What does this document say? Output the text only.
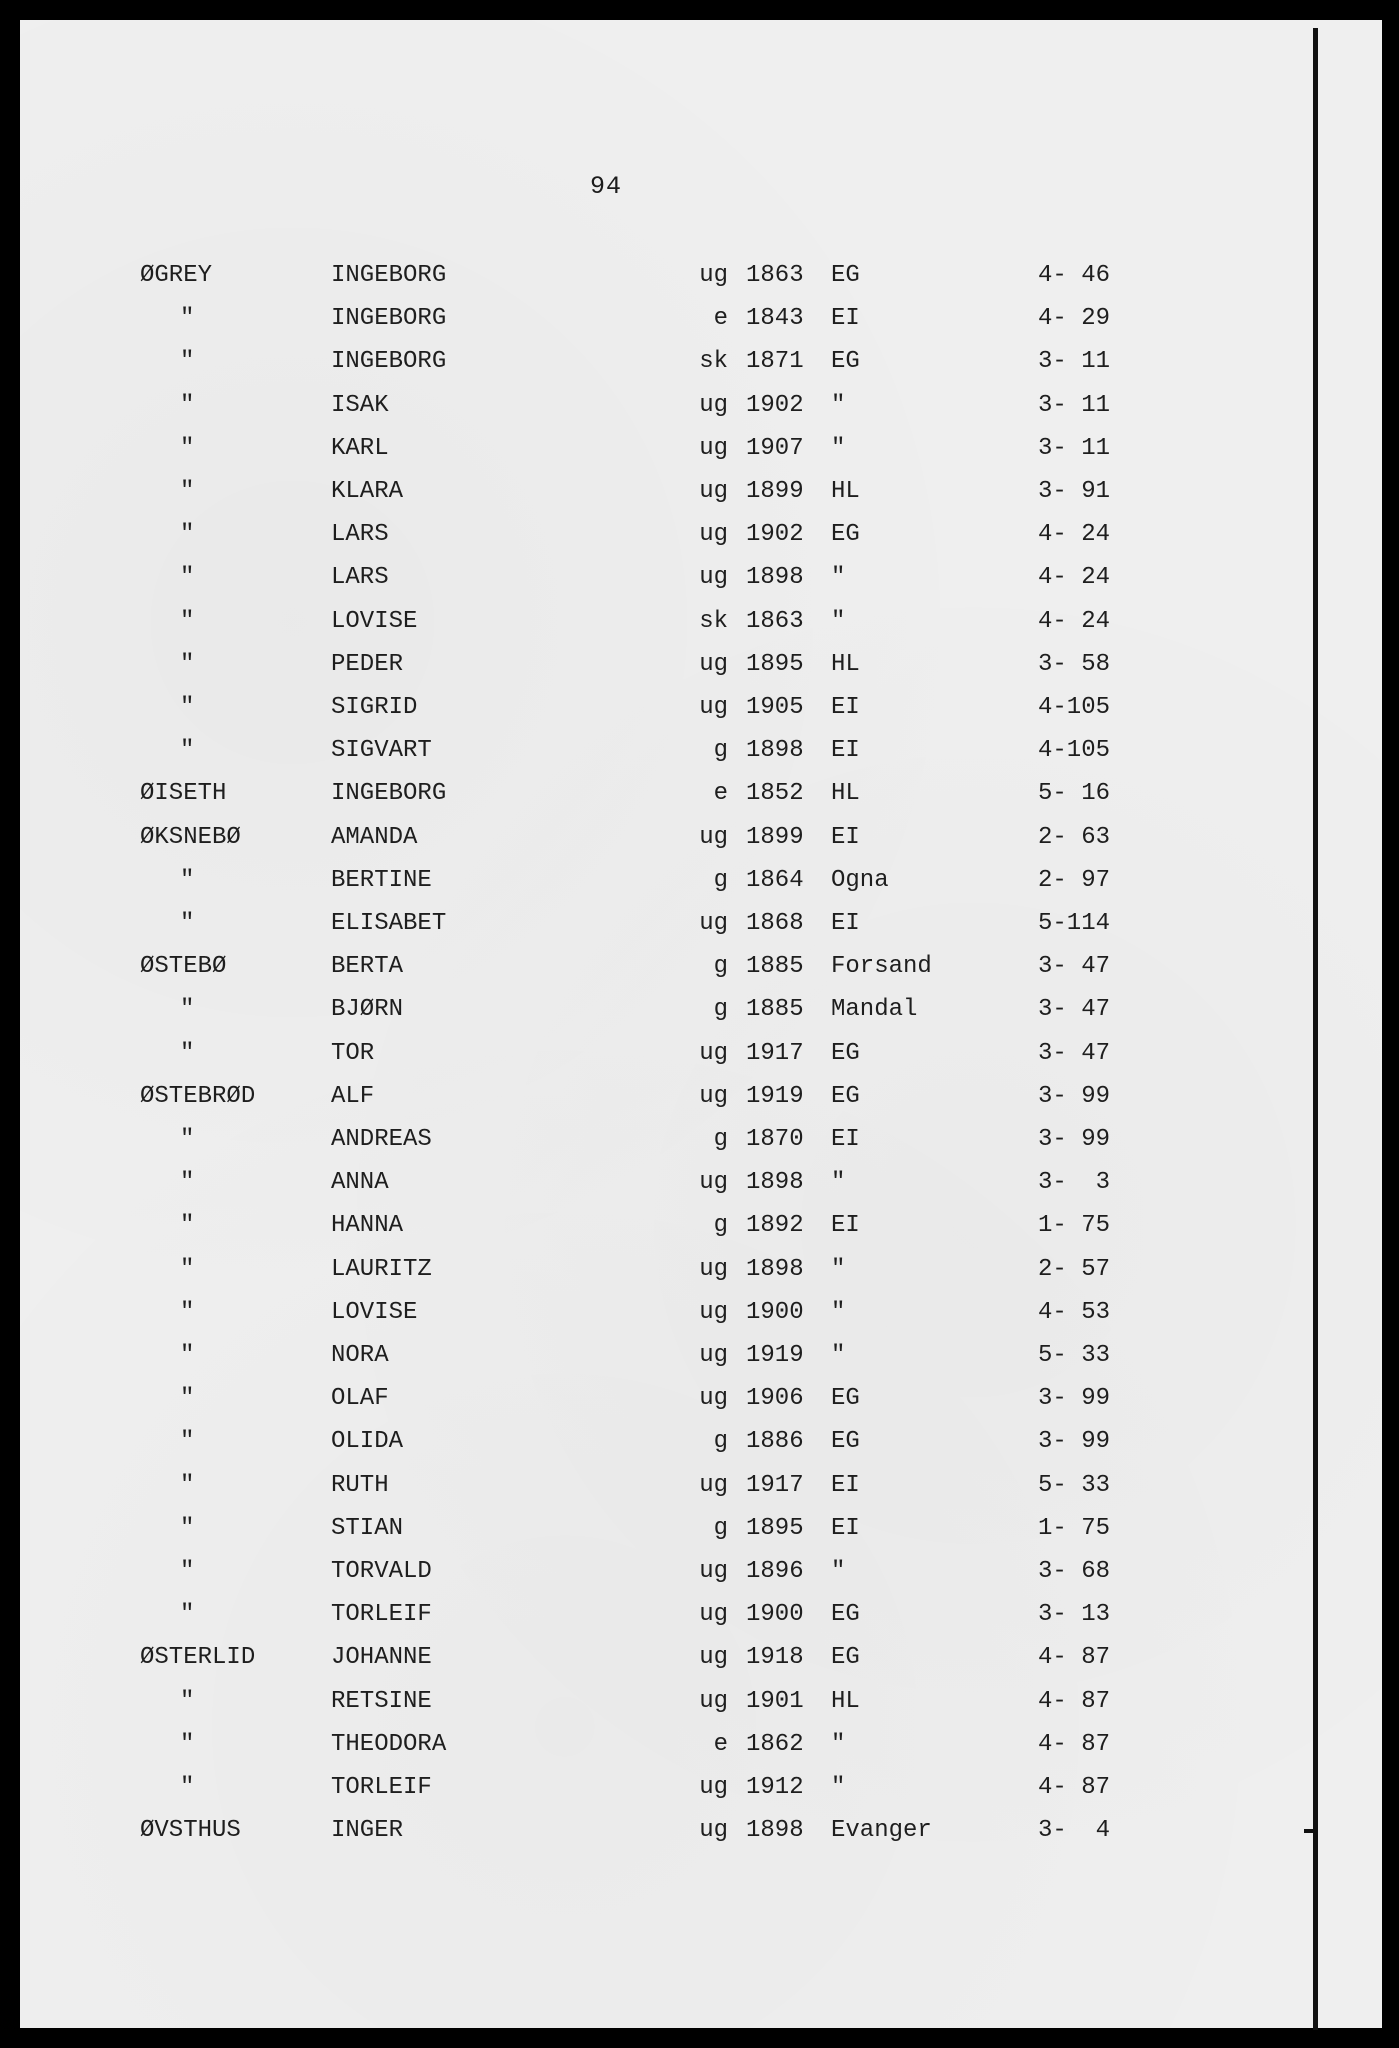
94
ØGREY	INGEBORG	ug 1863 EG	4- 46
"	INGEBORG	e 1843 EI	4- 29
"	INGEBORG	sk 1871 EG	3- 11
"	ISAK	ug 1902 "	3- 11
"	KARL	ug 1907 "	3- 11
"	KLARA	ug 1899 HL	3- 91
"	LARS	ug 1902 EG	4- 24
"	LARS	ug 1898 "	4- 24
"	LOVISE	sk 1863 "	4- 24
"	PEDER	ug 1895 HL	3- 58
"	SIGRID	ug 1905 EI	4-105
"	SIGVART	g 1898 EI	4-105
ØISETH	INGEBORG	e 1852 HL	5- 16
ØKSNEBØ	AMANDA	ug 1899 EI	2- 63
"	BERTINE	g 1864 Ogna	2- 97
"	ELISABET	ug 1868 EI	5-114
ØSTEBØ	BERTA	g 1885 Forsand	3- 47
"	BJØRN	g 1885 Mandal	3- 47
"	TOR	ug 1917 EG	3- 47
ØSTEBRØD	ALF	ug 1919 EG	3- 99
"	ANDREAS	g 1870 EI	3- 99
"	ANNA	ug 1898 "	3-  3
"	HANNA	g 1892 EI	1- 75
"	LAURITZ	ug 1898 "	2- 57
"	LOVISE	ug 1900 "	4- 53
"	NORA	ug 1919 "	5- 33
"	OLAF	ug 1906 EG	3- 99
"	OLIDA	g 1886 EG	3- 99
"	RUTH	ug 1917 EI	5- 33
"	STIAN	g 1895 EI	1- 75
"	TORVALD	ug 1896 "	3- 68
"	TORLEIF	ug 1900 EG	3- 13
ØSTERLID	JOHANNE	ug 1918 EG	4- 87
"	RETSINE	ug 1901 HL	4- 87
"	THEODORA	e 1862 "	4- 87
"	TORLEIF	ug 1912 "	4- 87
ØVSTHUS	INGER	ug 1898 Evanger	3-  4
